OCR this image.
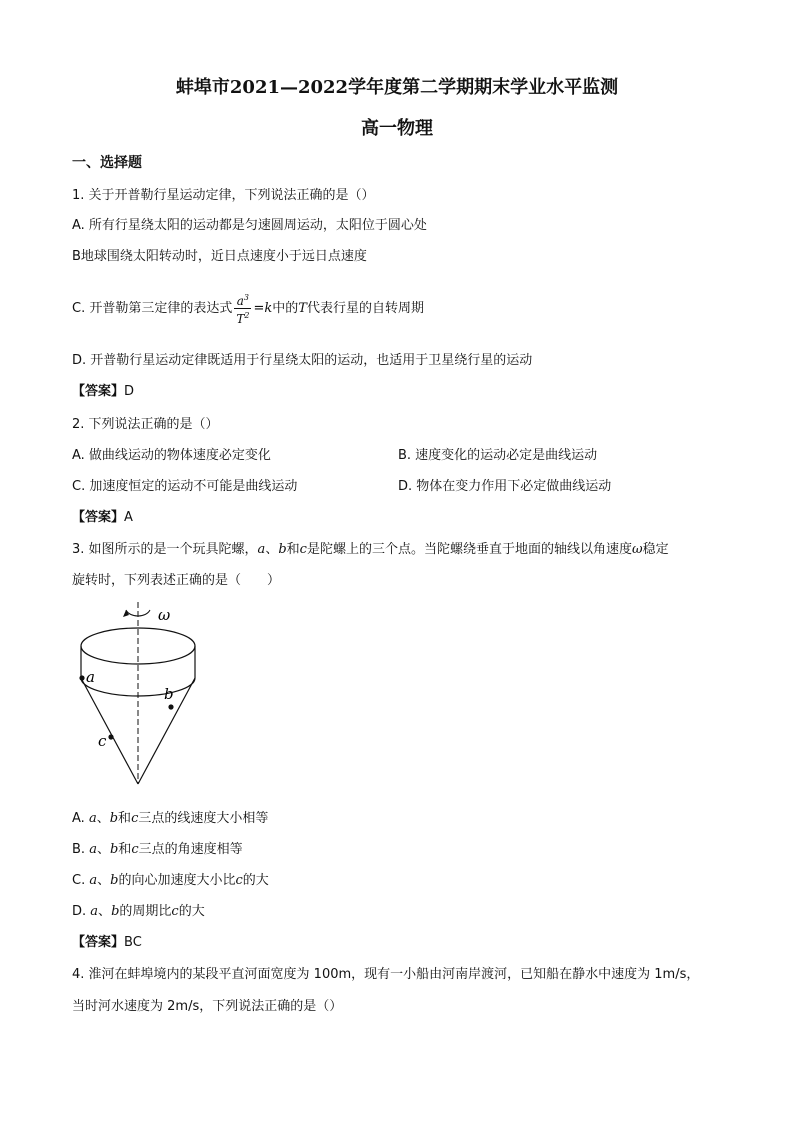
蚌埠市2021—2022学年度第二学期期末学业水平监测
高一物理
一、选择题
1. 关于开普勒行星运动定律，下列说法正确的是（）
A. 所有行星绕太阳的运动都是匀速圆周运动，太阳位于圆心处
B地球围绕太阳转动时，近日点速度小于远日点速度
C. 开普勒第三定律的表达式 $\frac{a^3}{T^2} =k$中的T代表行星的自转周期
D. 开普勒行星运动定律既适用于行星绕太阳的运动，也适用于卫星绕行星的运动
【答案】D
2. 下列说法正确的是（）
A. 做曲线运动的物体速度必定变化	B. 速度变化的运动必定是曲线运动
C. 加速度恒定的运动不可能是曲线运动	D. 物体在变力作用下必定做曲线运动
【答案】A
3. 如图所示的是一个玩具陀螺，a、b和c是陀螺上的三个点。当陀螺绕垂直于地面的轴线以角速度ω稳定
旋转时，下列表述正确的是（　　）
ω
a
b
c
A. a、b和c三点的线速度大小相等
B. a、b和c三点的角速度相等
C. a、b的向心加速度大小比c的大
D. a、b的周期比c的大
【答案】BC
4. 淮河在蚌埠境内的某段平直河面宽度为 100m，现有一小船由河南岸渡河，已知船在静水中速度为 1m/s，
当时河水速度为 2m/s，下列说法正确的是（）
